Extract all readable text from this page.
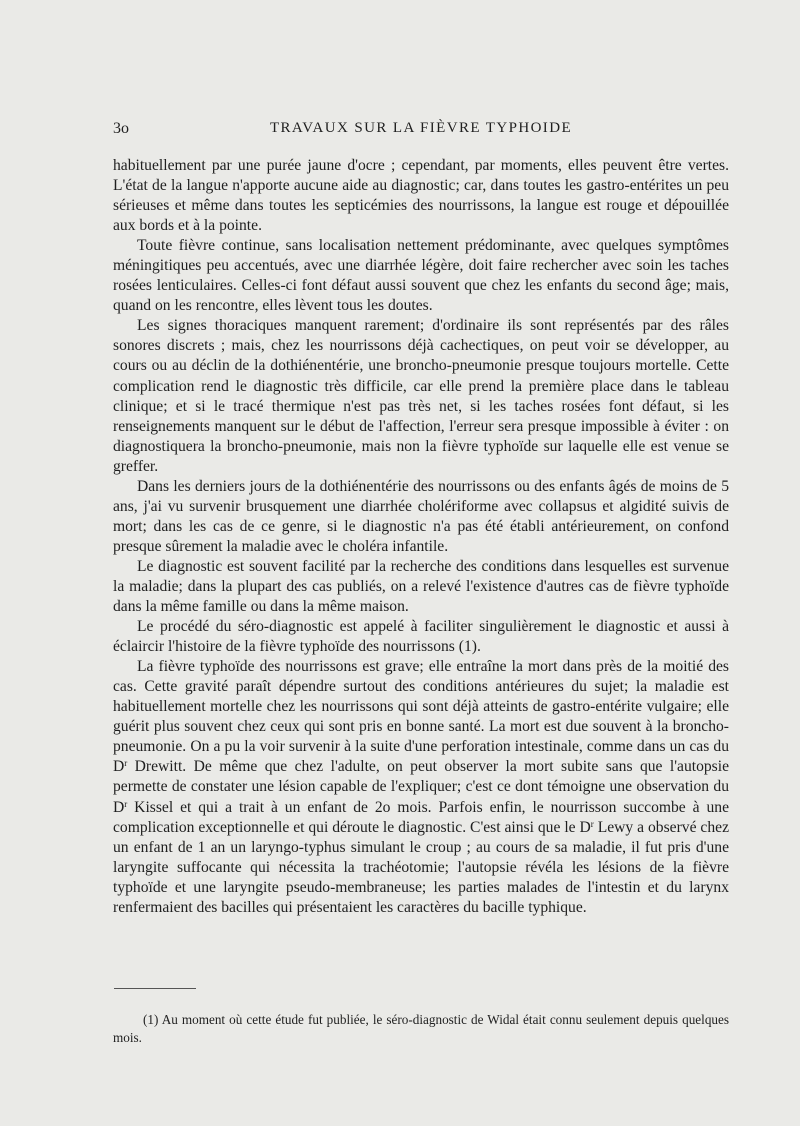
3o	TRAVAUX SUR LA FIÈVRE TYPHOIDE

habituellement par une purée jaune d'ocre ; cependant, par moments, elles peuvent être vertes. L'état de la langue n'apporte aucune aide au diagnostic; car, dans toutes les gastro-entérites un peu sérieuses et même dans toutes les septicémies des nourrissons, la langue est rouge et dépouillée aux bords et à la pointe.

Toute fièvre continue, sans localisation nettement prédominante, avec quelques symptômes méningitiques peu accentués, avec une diarrhée légère, doit faire rechercher avec soin les taches rosées lenticulaires. Celles-ci font défaut aussi souvent que chez les enfants du second âge; mais, quand on les rencontre, elles lèvent tous les doutes.

Les signes thoraciques manquent rarement; d'ordinaire ils sont représentés par des râles sonores discrets ; mais, chez les nourrissons déjà cachectiques, on peut voir se développer, au cours ou au déclin de la dothiénentérie, une broncho-pneumonie presque toujours mortelle. Cette complication rend le diagnostic très difficile, car elle prend la première place dans le tableau clinique; et si le tracé thermique n'est pas très net, si les taches rosées font défaut, si les renseignements manquent sur le début de l'affection, l'erreur sera presque impossible à éviter : on diagnostiquera la broncho-pneumonie, mais non la fièvre typhoïde sur laquelle elle est venue se greffer.

Dans les derniers jours de la dothiénentérie des nourrissons ou des enfants âgés de moins de 5 ans, j'ai vu survenir brusquement une diarrhée cholériforme avec collapsus et algidité suivis de mort; dans les cas de ce genre, si le diagnostic n'a pas été établi antérieurement, on confond presque sûrement la maladie avec le choléra infantile.

Le diagnostic est souvent facilité par la recherche des conditions dans lesquelles est survenue la maladie; dans la plupart des cas publiés, on a relevé l'existence d'autres cas de fièvre typhoïde dans la même famille ou dans la même maison.

Le procédé du séro-diagnostic est appelé à faciliter singulièrement le diagnostic et aussi à éclaircir l'histoire de la fièvre typhoïde des nourrissons (1).

La fièvre typhoïde des nourrissons est grave; elle entraîne la mort dans près de la moitié des cas. Cette gravité paraît dépendre surtout des conditions antérieures du sujet; la maladie est habituellement mortelle chez les nourrissons qui sont déjà atteints de gastro-entérite vulgaire; elle guérit plus souvent chez ceux qui sont pris en bonne santé. La mort est due souvent à la broncho-pneumonie. On a pu la voir survenir à la suite d'une perforation intestinale, comme dans un cas du $D^r$ Drewitt. De même que chez l'adulte, on peut observer la mort subite sans que l'autopsie permette de constater une lésion capable de l'expliquer; c'est ce dont témoigne une observation du $D^r$ Kissel et qui a trait à un enfant de 2o mois. Parfois enfin, le nourrisson succombe à une complication exceptionnelle et qui déroute le diagnostic. C'est ainsi que le $D^r$ Lewy a observé chez un enfant de 1 an un laryngo-typhus simulant le croup ; au cours de sa maladie, il fut pris d'une laryngite suffocante qui nécessita la trachéotomie; l'autopsie révéla les lésions de la fièvre typhoïde et une laryngite pseudo-membraneuse; les parties malades de l'intestin et du larynx renfermaient des bacilles qui présentaient les caractères du bacille typhique.

(1) Au moment où cette étude fut publiée, le séro-diagnostic de Widal était connu seulement depuis quelques mois.
